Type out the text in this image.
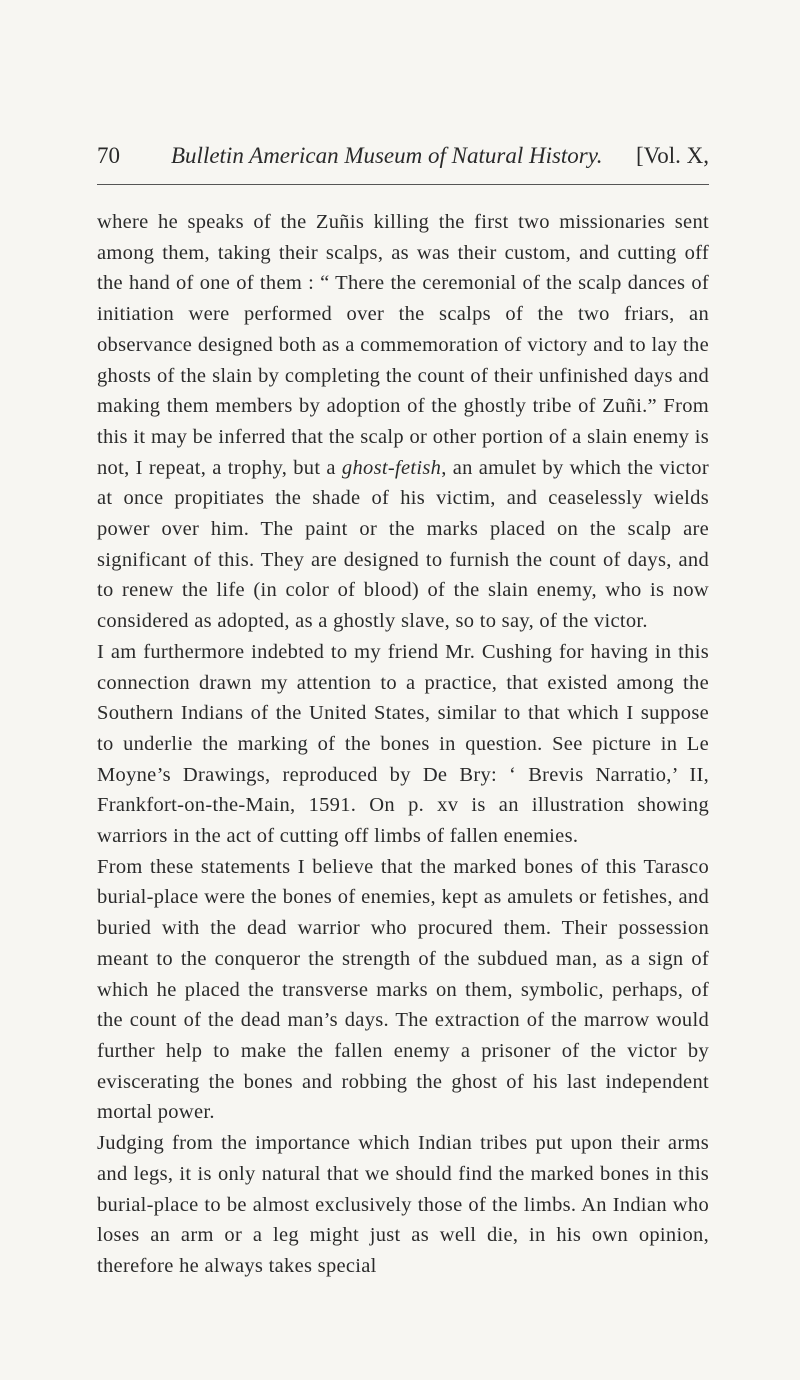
70 Bulletin American Museum of Natural History. [Vol. X,

where he speaks of the Zuñis killing the first two missionaries sent among them, taking their scalps, as was their custom, and cutting off the hand of one of them : “ There the ceremonial of the scalp dances of initiation were performed over the scalps of the two friars, an observance designed both as a commemoration of victory and to lay the ghosts of the slain by completing the count of their unfinished days and making them members by adoption of the ghostly tribe of Zuñi.” From this it may be inferred that the scalp or other portion of a slain enemy is not, I repeat, a trophy, but a ghost-fetish, an amulet by which the victor at once propitiates the shade of his victim, and ceaselessly wields power over him. The paint or the marks placed on the scalp are significant of this. They are designed to furnish the count of days, and to renew the life (in color of blood) of the slain enemy, who is now considered as adopted, as a ghostly slave, so to say, of the victor.

I am furthermore indebted to my friend Mr. Cushing for having in this connection drawn my attention to a practice, that existed among the Southern Indians of the United States, similar to that which I suppose to underlie the marking of the bones in question. See picture in Le Moyne’s Drawings, reproduced by De Bry: ‘ Brevis Narratio,’ II, Frankfort-on-the-Main, 1591. On p. xv is an illustration showing warriors in the act of cutting off limbs of fallen enemies.

From these statements I believe that the marked bones of this Tarasco burial-place were the bones of enemies, kept as amulets or fetishes, and buried with the dead warrior who procured them. Their possession meant to the conqueror the strength of the subdued man, as a sign of which he placed the transverse marks on them, symbolic, perhaps, of the count of the dead man’s days. The extraction of the marrow would further help to make the fallen enemy a prisoner of the victor by eviscerating the bones and robbing the ghost of his last independent mortal power.

Judging from the importance which Indian tribes put upon their arms and legs, it is only natural that we should find the marked bones in this burial-place to be almost exclusively those of the limbs. An Indian who loses an arm or a leg might just as well die, in his own opinion, therefore he always takes special
